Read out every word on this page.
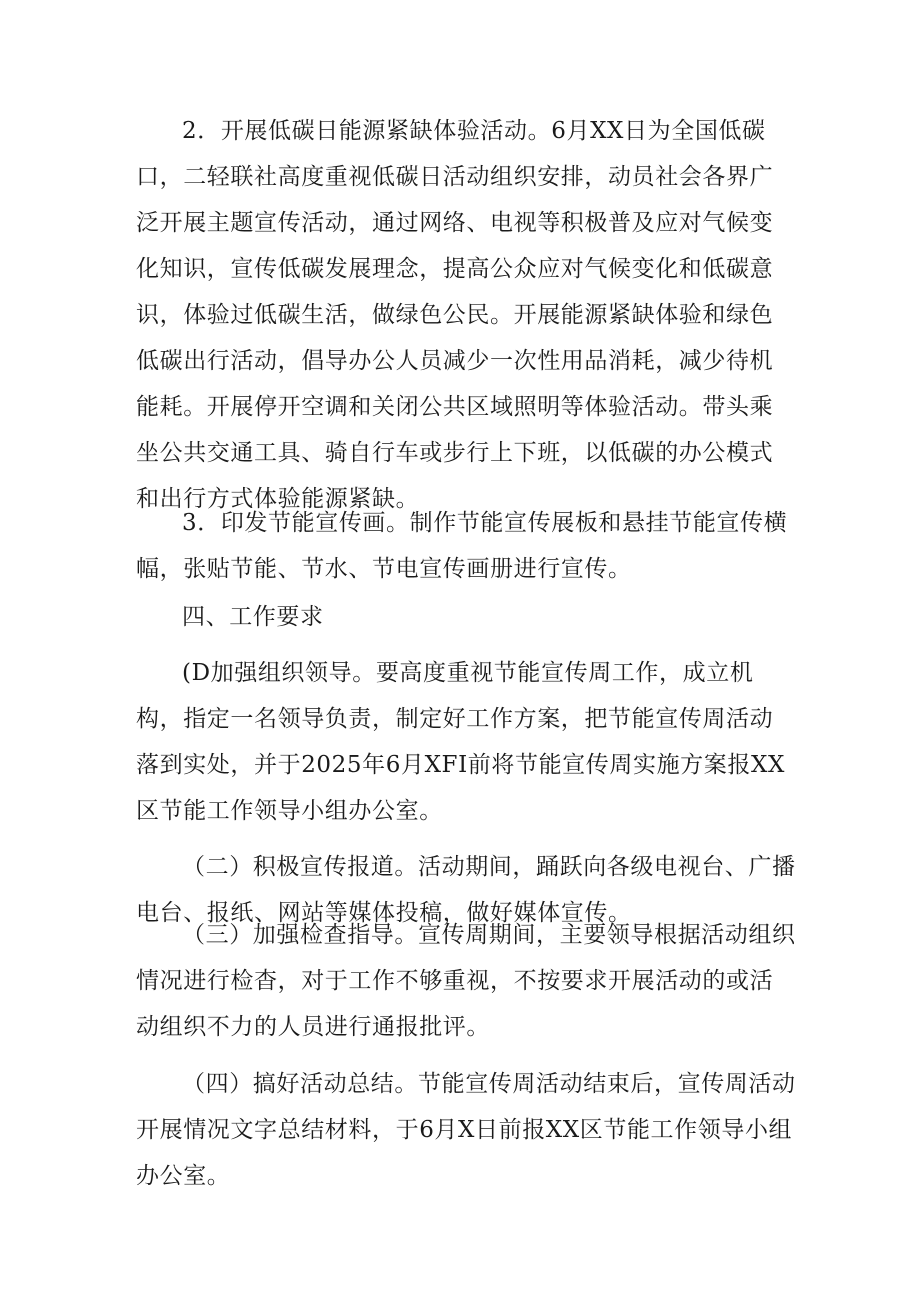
2．开展低碳日能源紧缺体验活动。6月XX日为全国低碳口，二轻联社高度重视低碳日活动组织安排，动员社会各界广泛开展主题宣传活动，通过网络、电视等积极普及应对气候变化知识，宣传低碳发展理念，提高公众应对气候变化和低碳意识，体验过低碳生活，做绿色公民。开展能源紧缺体验和绿色低碳出行活动，倡导办公人员减少一次性用品消耗，减少待机能耗。开展停开空调和关闭公共区域照明等体验活动。带头乘坐公共交通工具、骑自行车或步行上下班，以低碳的办公模式和出行方式体验能源紧缺。

3．印发节能宣传画。制作节能宣传展板和悬挂节能宣传横幅，张贴节能、节水、节电宣传画册进行宣传。

四、工作要求

(D加强组织领导。要高度重视节能宣传周工作，成立机构，指定一名领导负责，制定好工作方案，把节能宣传周活动落到实处，并于2025年6月XFI前将节能宣传周实施方案报XX区节能工作领导小组办公室。

（二）积极宣传报道。活动期间，踊跃向各级电视台、广播电台、报纸、网站等媒体投稿，做好媒体宣传。

（三）加强检查指导。宣传周期间，主要领导根据活动组织情况进行检杳，对于工作不够重视，不按要求开展活动的或活动组织不力的人员进行通报批评。

（四）搞好活动总结。节能宣传周活动结束后，宣传周活动开展情况文字总结材料，于6月X日前报XX区节能工作领导小组办公室。
